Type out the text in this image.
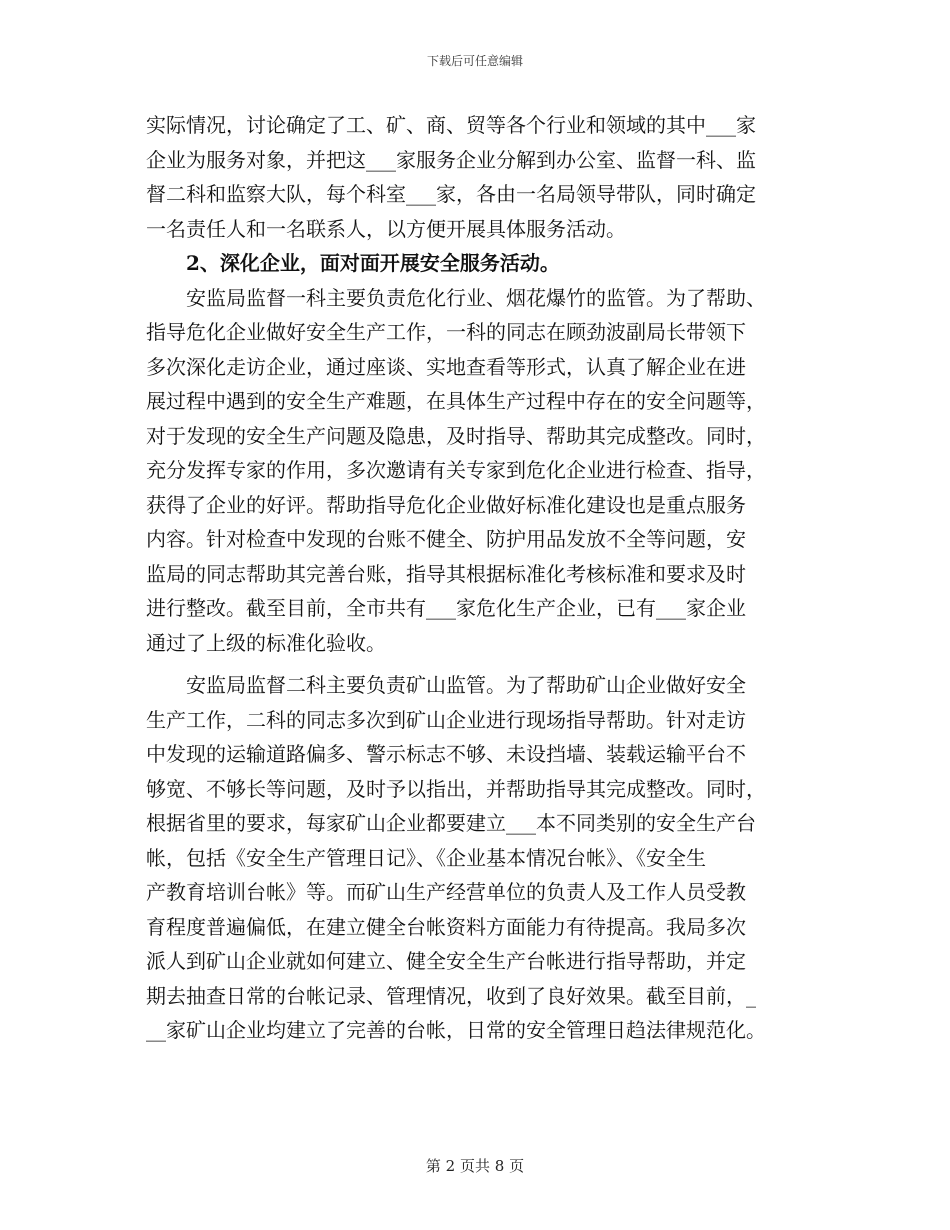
下载后可任意编辑
实际情况，讨论确定了工、矿、商、贸等各个行业和领域的其中___家
企业为服务对象，并把这___家服务企业分解到办公室、监督一科、监
督二科和监察大队，每个科室___家，各由一名局领导带队，同时确定
一名责任人和一名联系人，以方便开展具体服务活动。
2、深化企业，面对面开展安全服务活动。
安监局监督一科主要负责危化行业、烟花爆竹的监管。为了帮助、
指导危化企业做好安全生产工作，一科的同志在顾劲波副局长带领下
多次深化走访企业，通过座谈、实地查看等形式，认真了解企业在进
展过程中遇到的安全生产难题，在具体生产过程中存在的安全问题等，
对于发现的安全生产问题及隐患，及时指导、帮助其完成整改。同时，
充分发挥专家的作用，多次邀请有关专家到危化企业进行检查、指导，
获得了企业的好评。帮助指导危化企业做好标准化建设也是重点服务
内容。针对检查中发现的台账不健全、防护用品发放不全等问题，安
监局的同志帮助其完善台账，指导其根据标准化考核标准和要求及时
进行整改。截至目前，全市共有___家危化生产企业，已有___家企业
通过了上级的标准化验收。
安监局监督二科主要负责矿山监管。为了帮助矿山企业做好安全
生产工作，二科的同志多次到矿山企业进行现场指导帮助。针对走访
中发现的运输道路偏多、警示标志不够、未设挡墙、装载运输平台不
够宽、不够长等问题，及时予以指出，并帮助指导其完成整改。同时，
根据省里的要求，每家矿山企业都要建立___本不同类别的安全生产台
帐，包括《安全生产管理日记》、《企业基本情况台帐》、《安全生
产教育培训台帐》等。而矿山生产经营单位的负责人及工作人员受教
育程度普遍偏低，在建立健全台帐资料方面能力有待提高。我局多次
派人到矿山企业就如何建立、健全安全生产台帐进行指导帮助，并定
期去抽查日常的台帐记录、管理情况，收到了良好效果。截至目前，_
__家矿山企业均建立了完善的台帐，日常的安全管理日趋法律规范化。
第 2 页共 8 页
